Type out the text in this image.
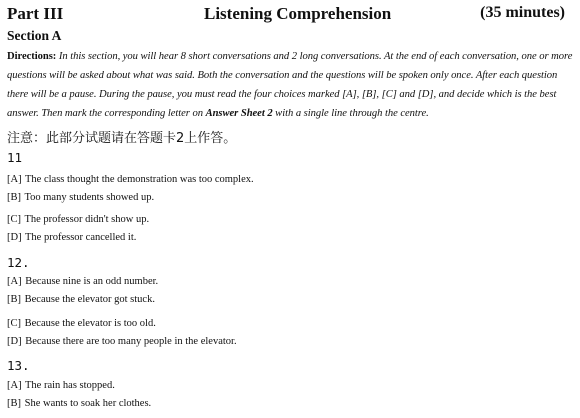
Part III	Listening Comprehension	(35 minutes)
Section A
Directions: In this section, you will hear 8 short conversations and 2 long conversations. At the end of each conversation, one or more questions will be asked about what was said. Both the conversation and the questions will be spoken only once. After each question there will be a pause. During the pause, you must read the four choices marked [A], [B], [C] and [D], and decide which is the best answer. Then mark the corresponding letter on Answer Sheet 2 with a single line through the centre.
注意：此部分试题请在答题卡2上作答。
11
[A] The class thought the demonstration was too complex.
[B] Too many students showed up.
[C] The professor didn't show up.
[D] The professor cancelled it.
12.
[A] Because nine is an odd number.
[B] Because the elevator got stuck.
[C] Because the elevator is too old.
[D] Because there are too many people in the elevator.
13.
[A] The rain has stopped.
[B] She wants to soak her clothes.
